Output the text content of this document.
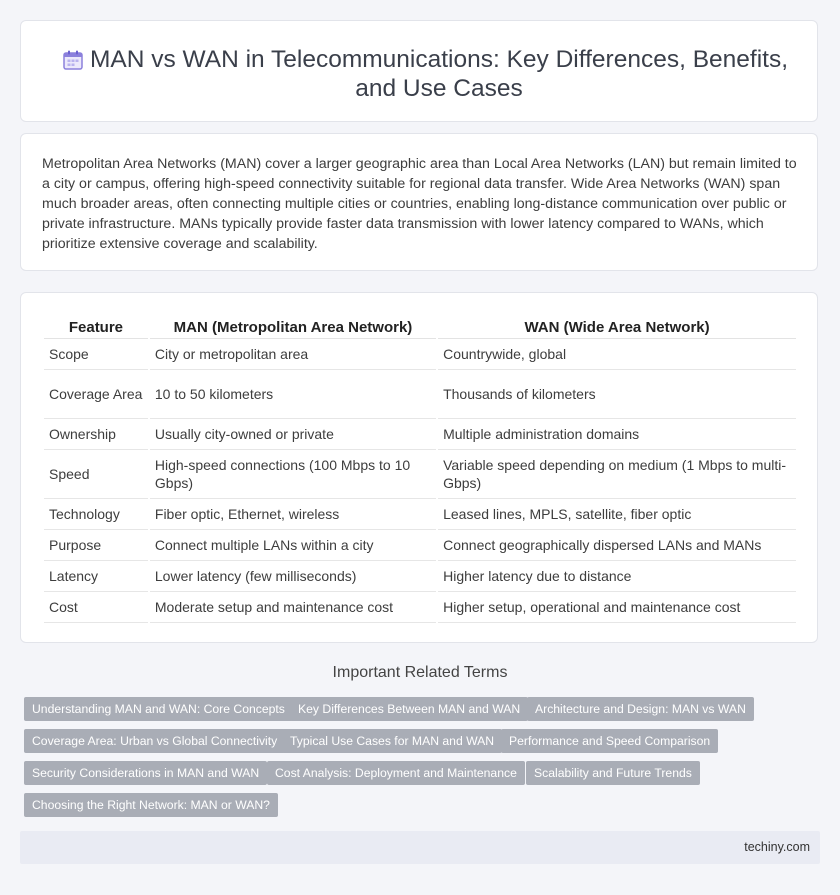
MAN vs WAN in Telecommunications: Key Differences, Benefits, and Use Cases

Metropolitan Area Networks (MAN) cover a larger geographic area than Local Area Networks (LAN) but remain limited to a city or campus, offering high-speed connectivity suitable for regional data transfer. Wide Area Networks (WAN) span much broader areas, often connecting multiple cities or countries, enabling long-distance communication over public or private infrastructure. MANs typically provide faster data transmission with lower latency compared to WANs, which prioritize extensive coverage and scalability.

Feature	MAN (Metropolitan Area Network)	WAN (Wide Area Network)
Scope	City or metropolitan area	Countrywide, global
Coverage Area	10 to 50 kilometers	Thousands of kilometers
Ownership	Usually city-owned or private	Multiple administration domains
Speed	High-speed connections (100 Mbps to 10 Gbps)	Variable speed depending on medium (1 Mbps to multi-Gbps)
Technology	Fiber optic, Ethernet, wireless	Leased lines, MPLS, satellite, fiber optic
Purpose	Connect multiple LANs within a city	Connect geographically dispersed LANs and MANs
Latency	Lower latency (few milliseconds)	Higher latency due to distance
Cost	Moderate setup and maintenance cost	Higher setup, operational and maintenance cost
Important Related Terms
Understanding MAN and WAN: Core Concepts	Key Differences Between MAN and WAN	Architecture and Design: MAN vs WAN
Coverage Area: Urban vs Global Connectivity	Typical Use Cases for MAN and WAN	Performance and Speed Comparison
Security Considerations in MAN and WAN	Cost Analysis: Deployment and Maintenance	Scalability and Future Trends
Choosing the Right Network: MAN or WAN?
techiny.com
